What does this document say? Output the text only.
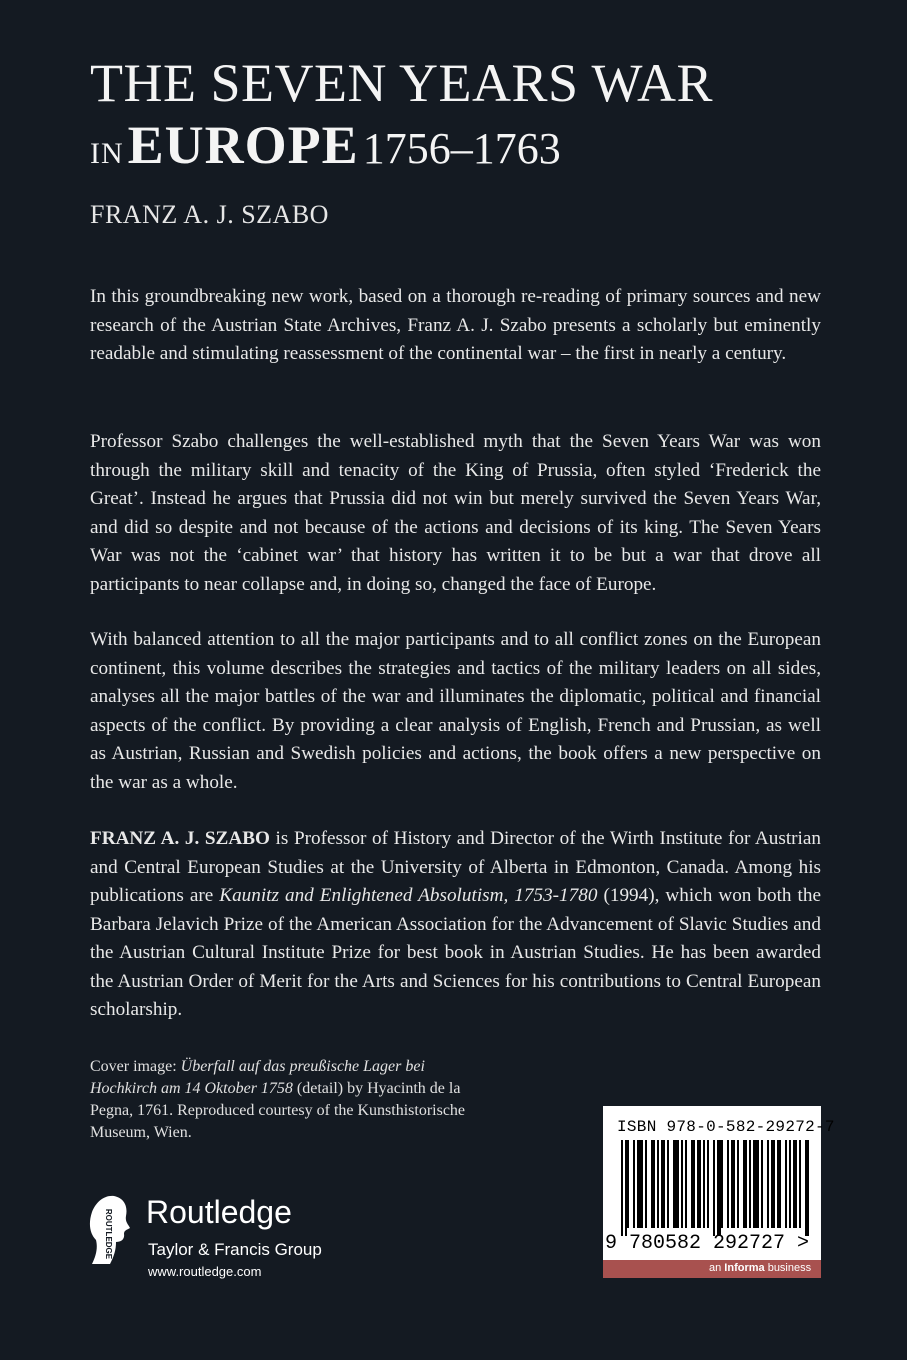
THE SEVEN YEARS WAR
IN EUROPE 1756–1763
FRANZ A. J. SZABO

In this groundbreaking new work, based on a thorough re-reading of primary sources and new research of the Austrian State Archives, Franz A. J. Szabo presents a scholarly but eminently readable and stimulating reassessment of the continental war – the first in nearly a century.

Professor Szabo challenges the well-established myth that the Seven Years War was won through the military skill and tenacity of the King of Prussia, often styled ‘Frederick the Great’. Instead he argues that Prussia did not win but merely survived the Seven Years War, and did so despite and not because of the actions and decisions of its king. The Seven Years War was not the ‘cabinet war’ that history has written it to be but a war that drove all participants to near collapse and, in doing so, changed the face of Europe.

With balanced attention to all the major participants and to all conflict zones on the European continent, this volume describes the strategies and tactics of the military leaders on all sides, analyses all the major battles of the war and illuminates the diplomatic, political and financial aspects of the conflict. By providing a clear analysis of English, French and Prussian, as well as Austrian, Russian and Swedish policies and actions, the book offers a new perspective on the war as a whole.

FRANZ A. J. SZABO is Professor of History and Director of the Wirth Institute for Austrian and Central European Studies at the University of Alberta in Edmonton, Canada. Among his publications are Kaunitz and Enlightened Absolutism, 1753-1780 (1994), which won both the Barbara Jelavich Prize of the American Association for the Advancement of Slavic Studies and the Austrian Cultural Institute Prize for best book in Austrian Studies. He has been awarded the Austrian Order of Merit for the Arts and Sciences for his contributions to Central European scholarship.

Cover image: Überfall auf das preußische Lager bei Hochkirch am 14 Oktober 1758 (detail) by Hyacinth de la Pegna, 1761. Reproduced courtesy of the Kunsthistorische Museum, Wien.
ROUTLEDGE Routledge
Taylor & Francis Group
www.routledge.com
ISBN 978-0-582-29272-7
9 780582 292727 >
an Informa business
